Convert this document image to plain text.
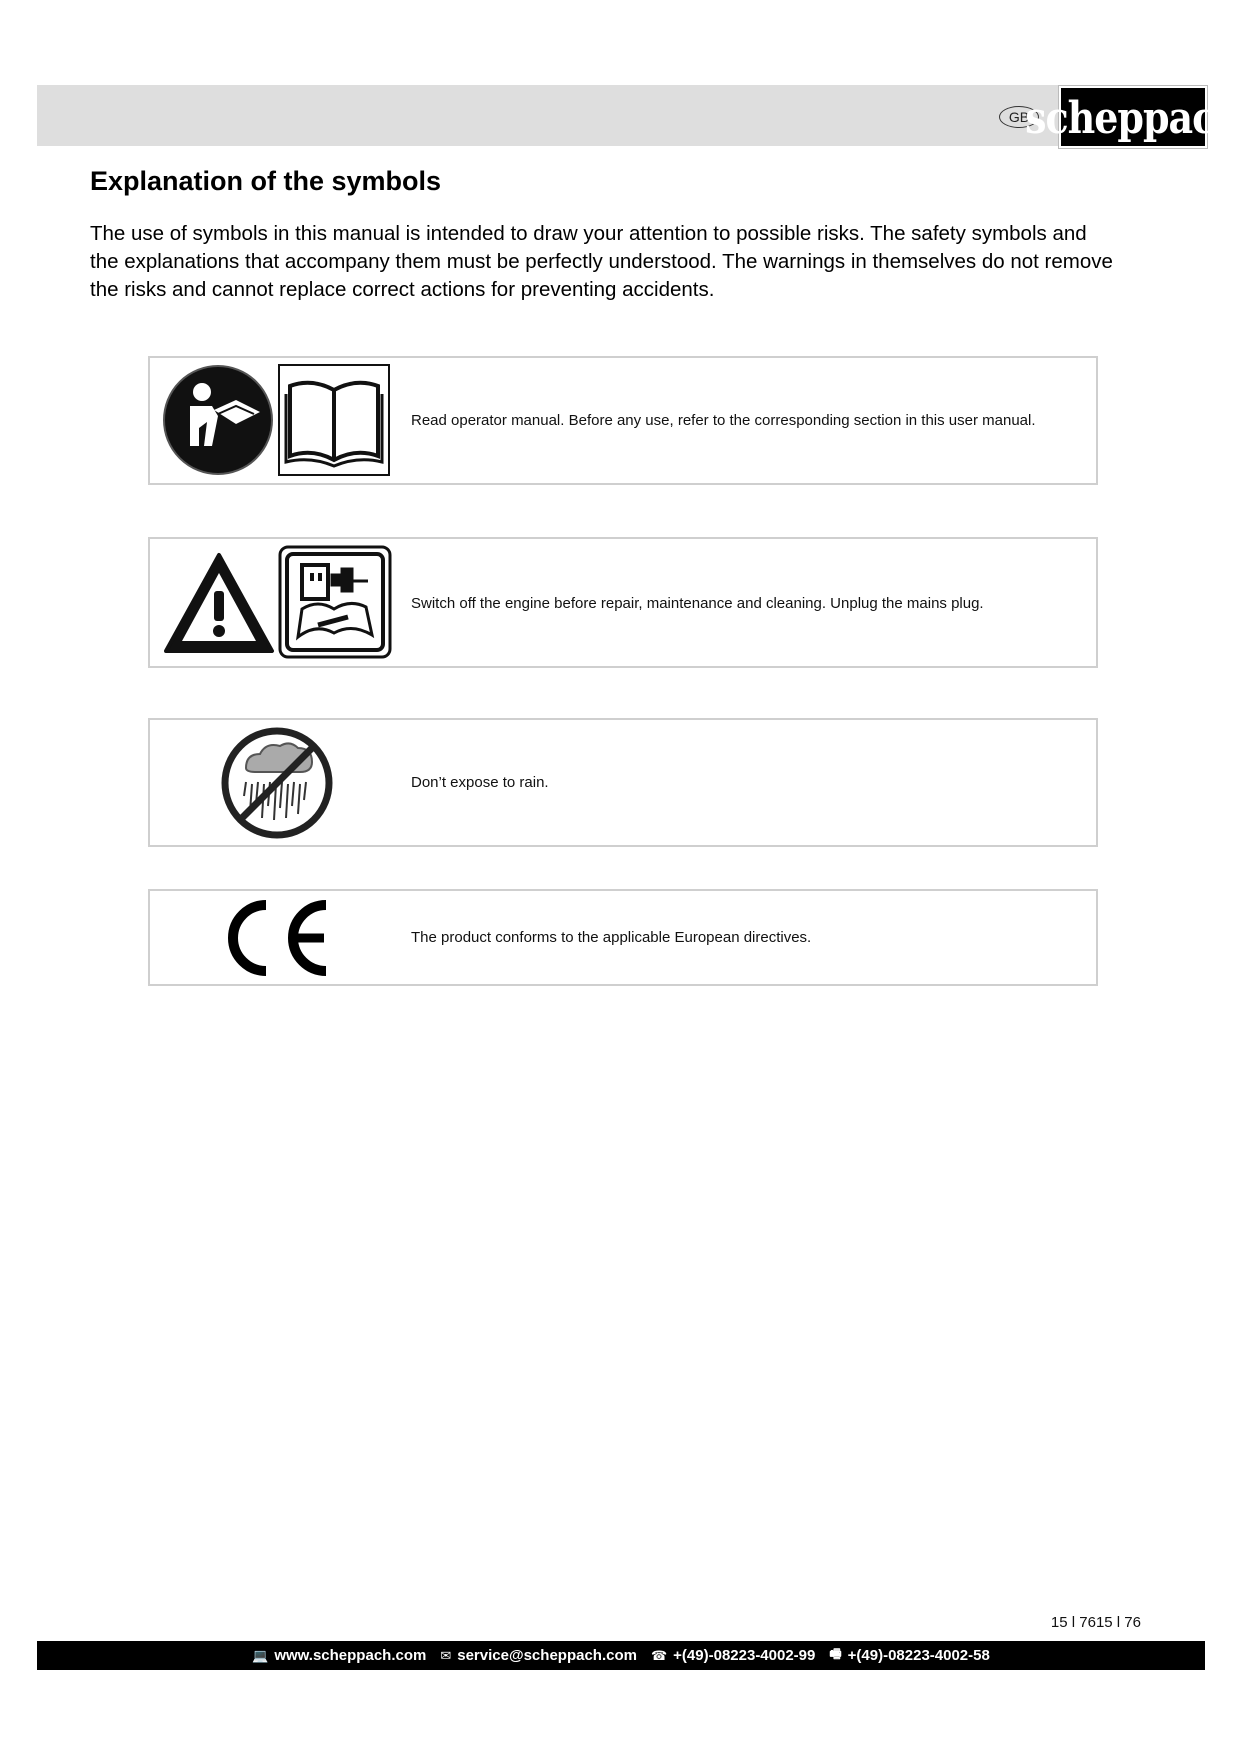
GB
scheppach
Explanation of the symbols

The use of symbols in this manual is intended to draw your attention to possible risks. The safety symbols and the explanations that accompany them must be perfectly understood. The warnings in themselves do not remove the risks and cannot replace correct actions for preventing accidents.

Read operator manual. Before any use, refer to the corresponding section in this user manual.
Switch off the engine before repair, maintenance and cleaning. Unplug the mains plug.
Don’t expose to rain.
The product conforms to the applicable European directives.
15 l 7615 l 76
💻 www.scheppach.com ✉ service@scheppach.com ☎ +(49)-08223-4002-99 🖷 +(49)-08223-4002-58
